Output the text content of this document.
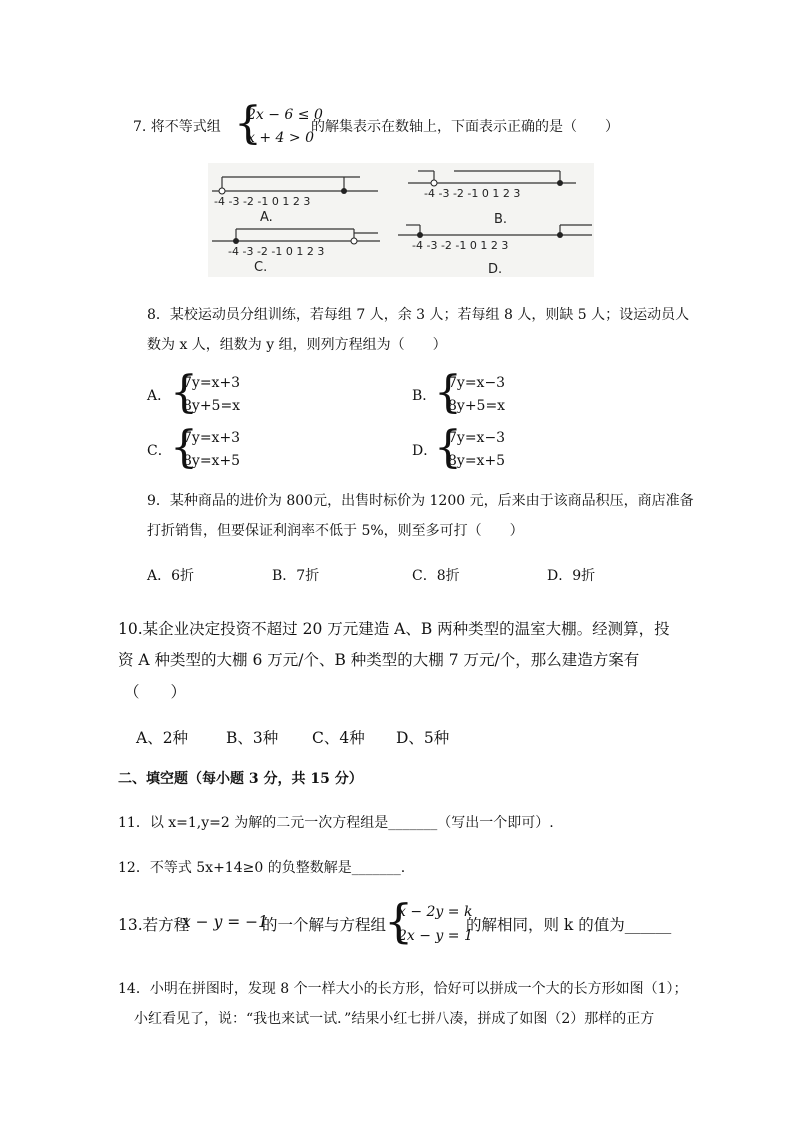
7. 将不等式组 {
2x − 6 ≤ 0
x + 4 > 0
的解集表示在数轴上，下面表示正确的是（　　）
-4 -3 -2 -1 0 1 2 3
-4 -3 -2 -1 0 1 2 3
-4 -3 -2 -1 0 1 2 3	-4 -3 -2 -1 0 1 2 3
A.	B.
C.	D.
8．某校运动员分组训练，若每组 7 人，余 3 人；若每组 8 人，则缺 5 人；设运动员人
数为 x 人，组数为 y 组，则列方程组为（　　）
A．
{
7y=x+3
8y+5=x
B．
{
7y=x−3
8y+5=x
C．
{
7y=x+3
8y=x+5
D．
{
7y=x−3
8y=x+5
9．某种商品的进价为 800元，出售时标价为 1200 元，后来由于该商品积压，商店准备
打折销售，但要保证利润率不低于 5%，则至多可打（　　）
A．6折	B．7折	C．8折	D．9折
10.某企业决定投资不超过 20 万元建造 A、B 两种类型的温室大棚。经测算，投
资 A 种类型的大棚 6 万元/个、B 种类型的大棚 7 万元/个，那么建造方案有
（　　）
A、2种 B、3种 C、4种 D、5种
二、填空题（每小题 3 分，共 15 分）
11．以 x=1,y=2 为解的二元一次方程组是_______（写出一个即可）.
12．不等式 5x+14≥0 的负整数解是_______.
13.若方程
x − y = −1
的一个解与方程组
{
x − 2y = k
2x − y = 1
的解相同，则 k 的值为______
14．小明在拼图时，发现 8 个一样大小的长方形，恰好可以拼成一个大的长方形如图（1）；
小红看见了，说：“我也来试一试．”结果小红七拼八凑，拼成了如图（2）那样的正方
